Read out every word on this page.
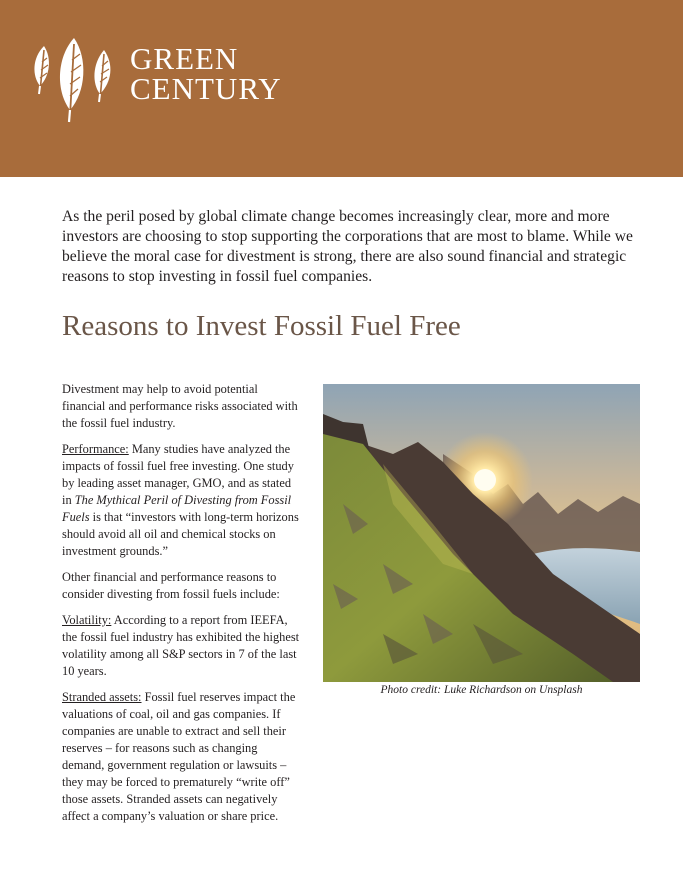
GREEN
CENTURY
As the peril posed by global climate change becomes increasingly clear, more and more investors are choosing to stop supporting the corporations that are most to blame. While we believe the moral case for divestment is strong, there are also sound financial and strategic reasons to stop investing in fossil fuel companies.
Reasons to Invest Fossil Fuel Free

Divestment may help to avoid potential financial and performance risks associated with the fossil fuel industry.

Performance: Many studies have analyzed the impacts of fossil fuel free investing. One study by leading asset manager, GMO, and as stated in The Mythical Peril of Divesting from Fossil Fuels is that “investors with long-term horizons should avoid all oil and chemical stocks on investment grounds.”

Other financial and performance reasons to consider divesting from fossil fuels include:

Volatility: According to a report from IEEFA, the fossil fuel industry has exhibited the highest volatility among all S&P sectors in 7 of the last 10 years.

Stranded assets: Fossil fuel reserves impact the valuations of coal, oil and gas companies. If companies are unable to extract and sell their reserves – for reasons such as changing demand, government regulation or lawsuits – they may be forced to prematurely “write off” those assets. Stranded assets can negatively affect a company’s valuation or share price.

Photo credit: Luke Richardson on Unsplash
